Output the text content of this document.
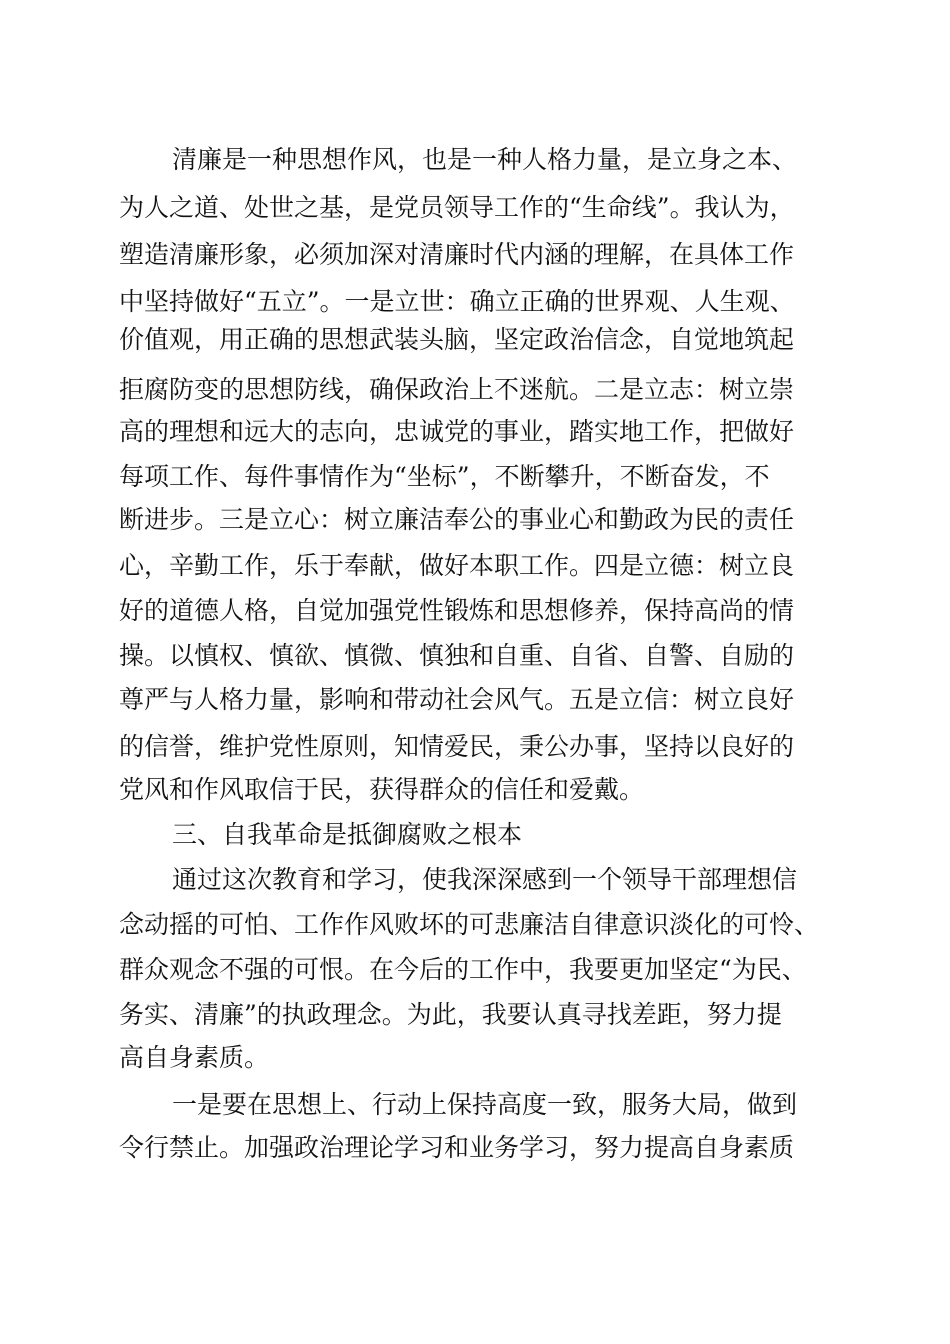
清廉是一种思想作风，也是一种人格力量，是立身之本、
为人之道、处世之基，是党员领导工作的“生命线”。我认为，
塑造清廉形象，必须加深对清廉时代内涵的理解，在具体工作
中坚持做好“五立”。一是立世：确立正确的世界观、人生观、
价值观，用正确的思想武装头脑，坚定政治信念，自觉地筑起
拒腐防变的思想防线，确保政治上不迷航。二是立志：树立崇
高的理想和远大的志向，忠诚党的事业，踏实地工作，把做好
每项工作、每件事情作为“坐标”，不断攀升，不断奋发，不
断进步。三是立心：树立廉洁奉公的事业心和勤政为民的责任
心，辛勤工作，乐于奉献，做好本职工作。四是立德：树立良
好的道德人格，自觉加强党性锻炼和思想修养，保持高尚的情
操。以慎权、慎欲、慎微、慎独和自重、自省、自警、自励的
尊严与人格力量，影响和带动社会风气。五是立信：树立良好
的信誉，维护党性原则，知情爱民，秉公办事，坚持以良好的
党风和作风取信于民，获得群众的信任和爱戴。
三、自我革命是抵御腐败之根本
通过这次教育和学习，使我深深感到一个领导干部理想信
念动摇的可怕、工作作风败坏的可悲廉洁自律意识淡化的可怜、
群众观念不强的可恨。在今后的工作中，我要更加坚定“为民、
务实、清廉”的执政理念。为此，我要认真寻找差距，努力提
高自身素质。
一是要在思想上、行动上保持高度一致，服务大局，做到
令行禁止。加强政治理论学习和业务学习，努力提高自身素质
